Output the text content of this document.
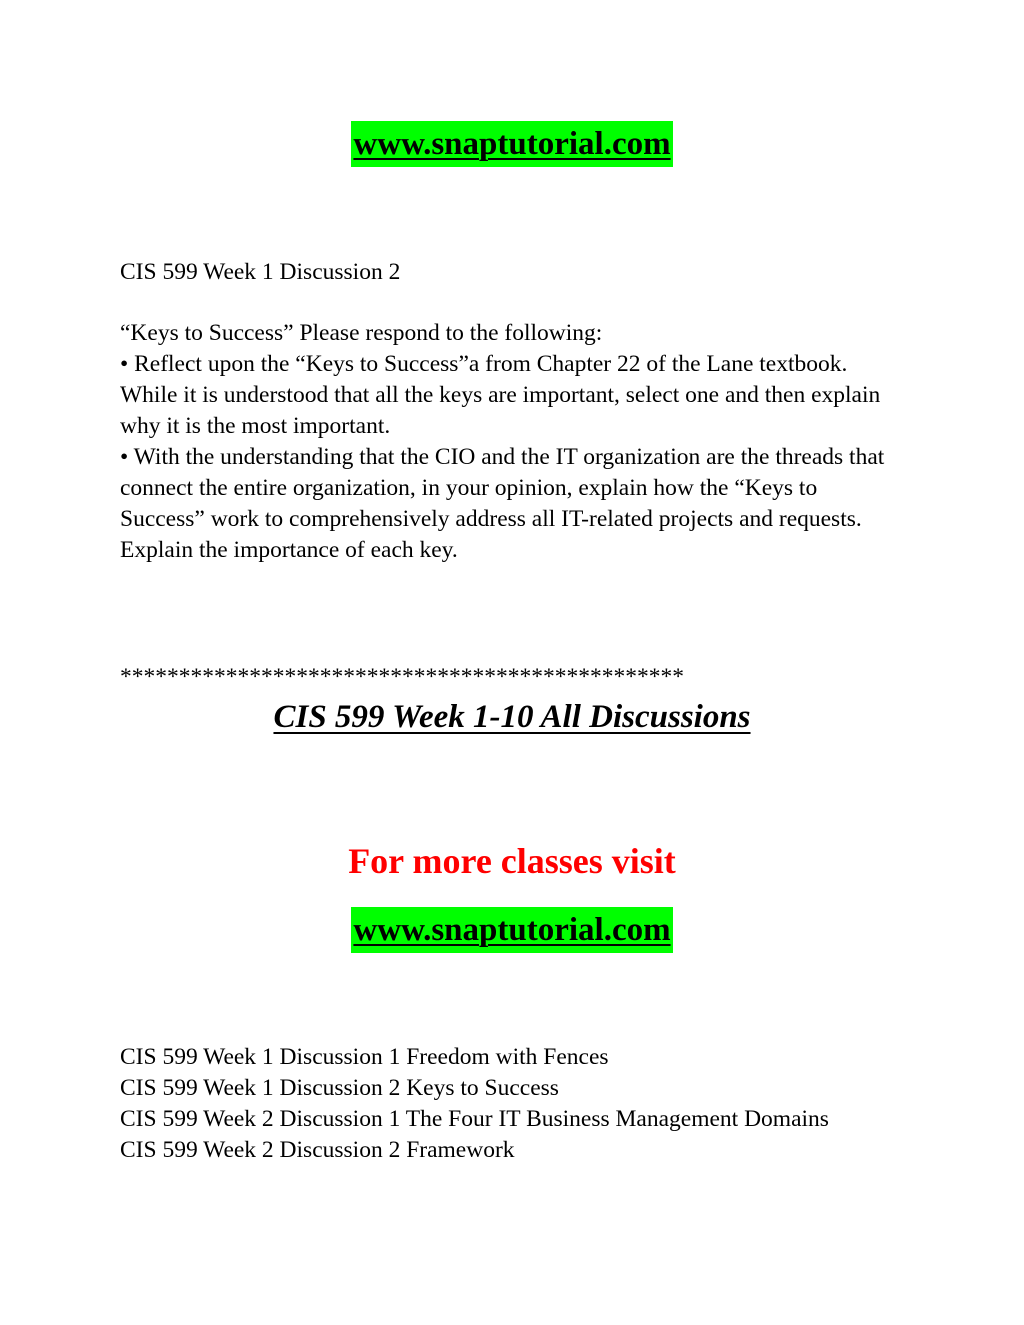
www.snaptutorial.com

CIS 599 Week 1 Discussion 2

“Keys to Success” Please respond to the following:

• Reflect upon the “Keys to Success”a from Chapter 22 of the Lane textbook. While it is understood that all the keys are important, select one and then explain why it is the most important.

• With the understanding that the CIO and the IT organization are the threads that connect the entire organization, in your opinion, explain how the “Keys to Success” work to comprehensively address all IT-related projects and requests. Explain the importance of each key.

************************************************
CIS 599 Week 1-10 All Discussions
For more classes visit
www.snaptutorial.com
CIS 599 Week 1 Discussion 1 Freedom with Fences
CIS 599 Week 1 Discussion 2 Keys to Success
CIS 599 Week 2 Discussion 1 The Four IT Business Management Domains
CIS 599 Week 2 Discussion 2 Framework
